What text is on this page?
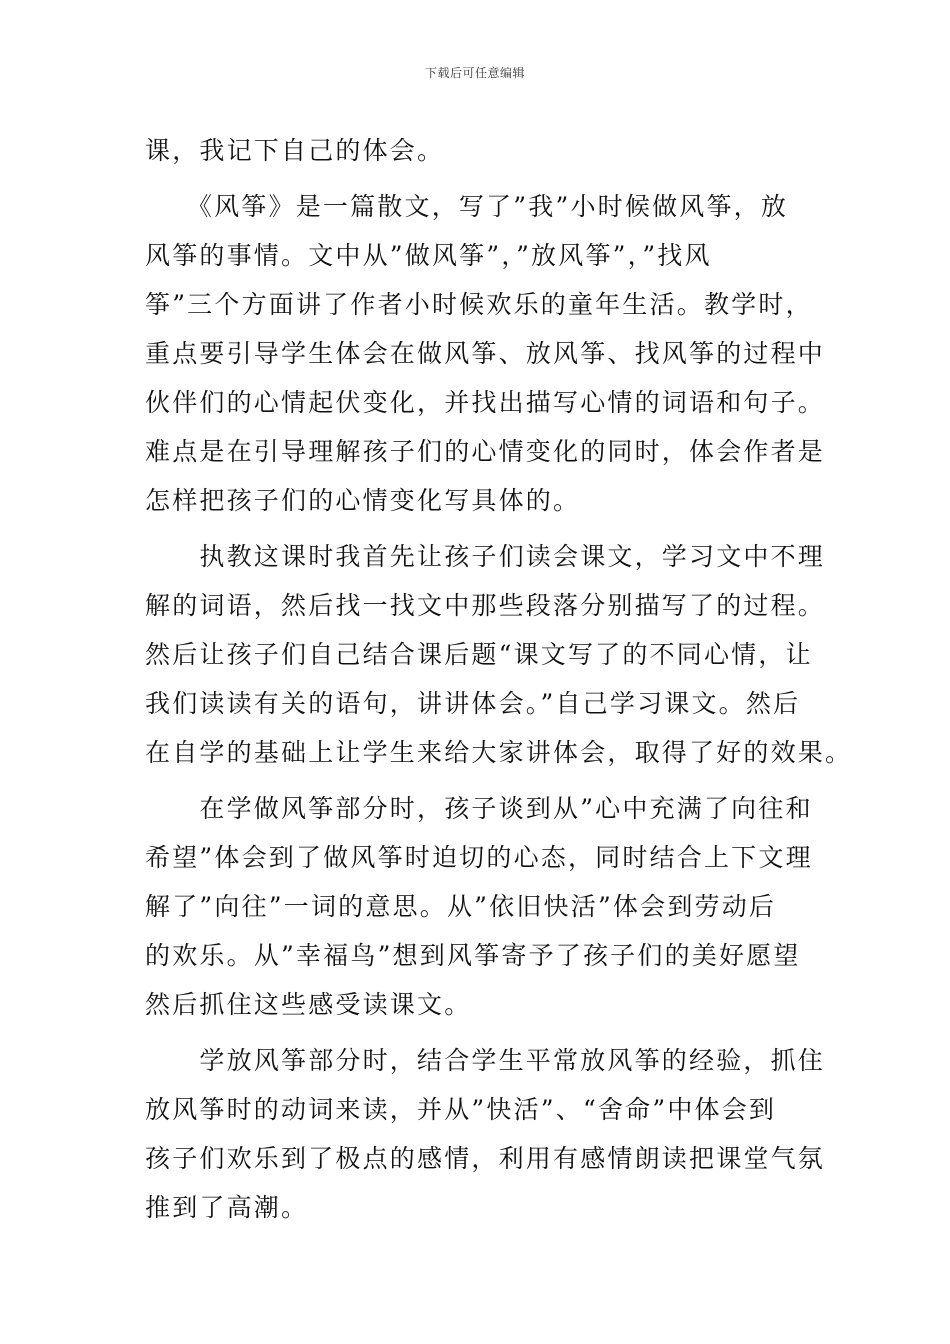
下载后可任意编辑
课，我记下自己的体会。
　　《风筝》是一篇散文，写了”我”小时候做风筝，放
风筝的事情。文中从”做风筝”，”放风筝”，”找风
筝”三个方面讲了作者小时候欢乐的童年生活。教学时，
重点要引导学生体会在做风筝、放风筝、找风筝的过程中
伙伴们的心情起伏变化，并找出描写心情的词语和句子。
难点是在引导理解孩子们的心情变化的同时，体会作者是
怎样把孩子们的心情变化写具体的。
　　执教这课时我首先让孩子们读会课文，学习文中不理
解的词语，然后找一找文中那些段落分别描写了的过程。
然后让孩子们自己结合课后题“课文写了的不同心情，让
我们读读有关的语句，讲讲体会。”自己学习课文。然后
在自学的基础上让学生来给大家讲体会，取得了好的效果。
　　在学做风筝部分时，孩子谈到从”心中充满了向往和
希望”体会到了做风筝时迫切的心态，同时结合上下文理
解了”向往”一词的意思。从”依旧快活”体会到劳动后
的欢乐。从”幸福鸟”想到风筝寄予了孩子们的美好愿望
然后抓住这些感受读课文。
　　学放风筝部分时，结合学生平常放风筝的经验，抓住
放风筝时的动词来读，并从”快活”、“舍命”中体会到
孩子们欢乐到了极点的感情，利用有感情朗读把课堂气氛
推到了高潮。
